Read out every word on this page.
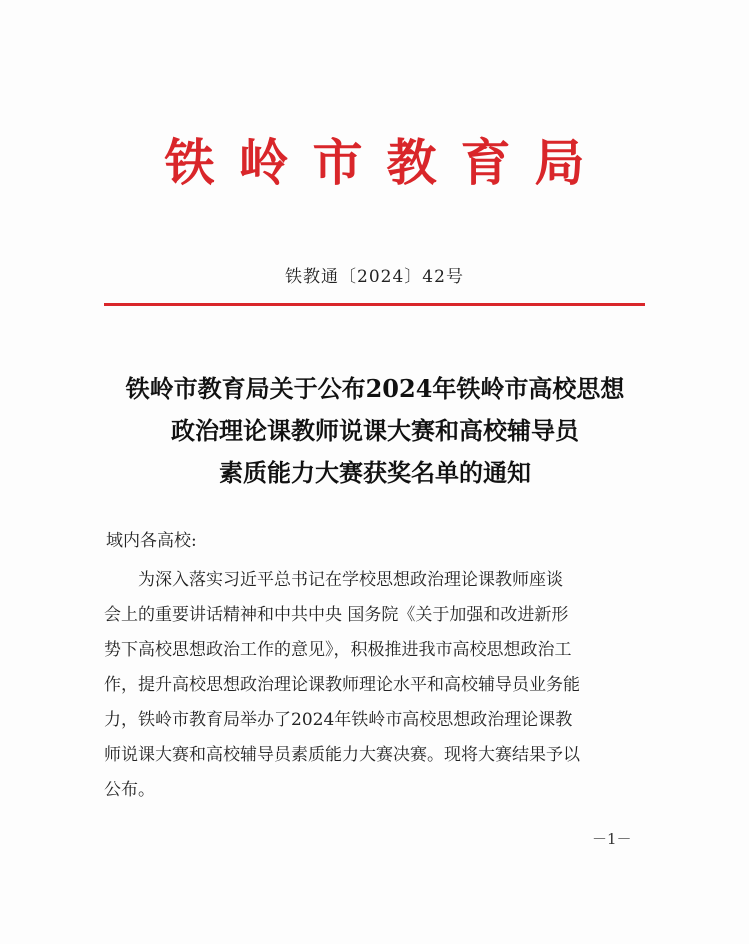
铁岭市教育局
铁教通〔2024〕42号
铁岭市教育局关于公布2024年铁岭市高校思想
政治理论课教师说课大赛和高校辅导员
素质能力大赛获奖名单的通知
域内各高校:
为深入落实习近平总书记在学校思想政治理论课教师座谈
会上的重要讲话精神和中共中央 国务院《关于加强和改进新形
势下高校思想政治工作的意见》，积极推进我市高校思想政治工
作，提升高校思想政治理论课教师理论水平和高校辅导员业务能
力，铁岭市教育局举办了2024年铁岭市高校思想政治理论课教
师说课大赛和高校辅导员素质能力大赛决赛。现将大赛结果予以
公布。
－1－
